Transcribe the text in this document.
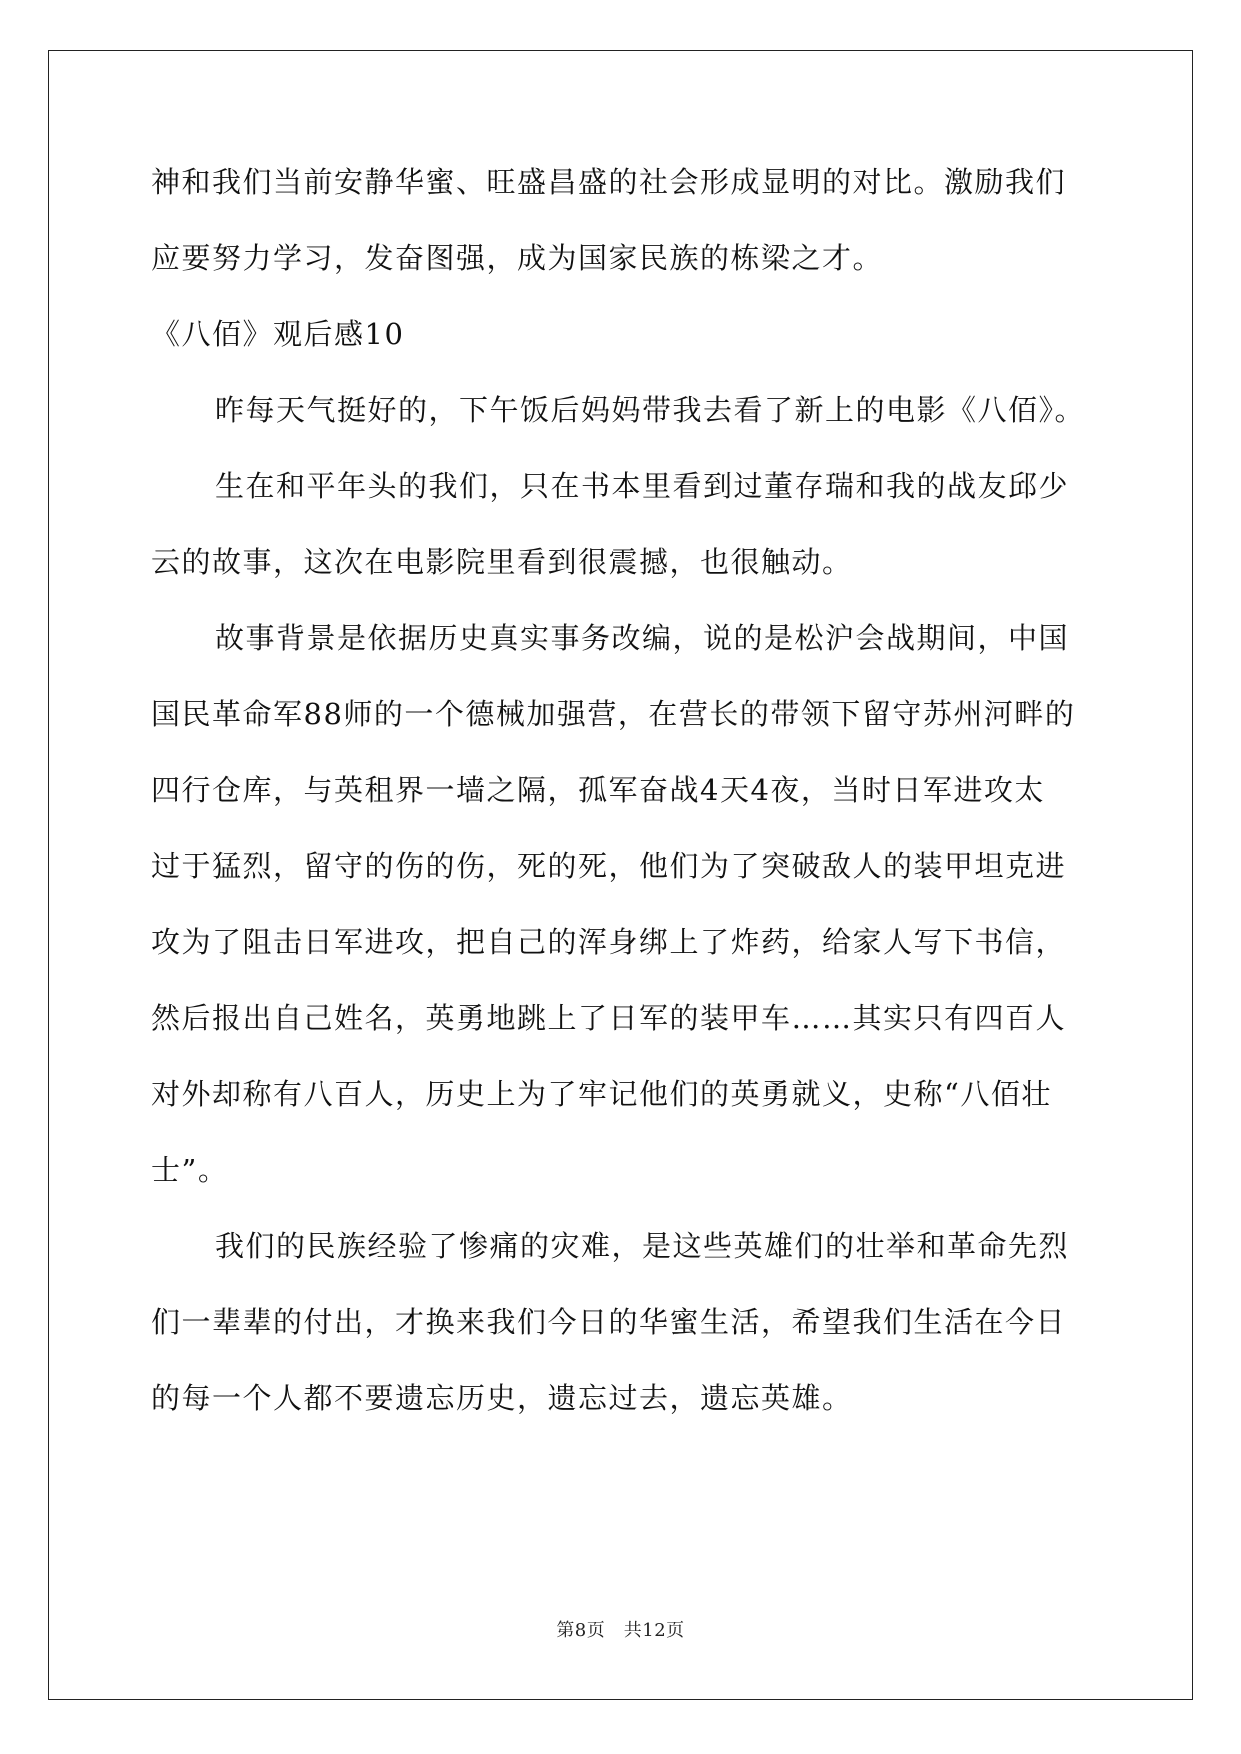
神和我们当前安静华蜜、旺盛昌盛的社会形成显明的对比。激励我们
应要努力学习，发奋图强，成为国家民族的栋梁之才。
《八佰》观后感10
昨每天气挺好的，下午饭后妈妈带我去看了新上的电影《八佰》。
生在和平年头的我们，只在书本里看到过董存瑞和我的战友邱少
云的故事，这次在电影院里看到很震撼，也很触动。
故事背景是依据历史真实事务改编，说的是松沪会战期间，中国
国民革命军88师的一个德械加强营，在营长的带领下留守苏州河畔的
四行仓库，与英租界一墙之隔，孤军奋战4天4夜，当时日军进攻太
过于猛烈，留守的伤的伤，死的死，他们为了突破敌人的装甲坦克进
攻为了阻击日军进攻，把自己的浑身绑上了炸药，给家人写下书信，
然后报出自己姓名，英勇地跳上了日军的装甲车……其实只有四百人
对外却称有八百人，历史上为了牢记他们的英勇就义，史称“八佰壮
士”。
我们的民族经验了惨痛的灾难，是这些英雄们的壮举和革命先烈
们一辈辈的付出，才换来我们今日的华蜜生活，希望我们生活在今日
的每一个人都不要遗忘历史，遗忘过去，遗忘英雄。
第8页　共12页
